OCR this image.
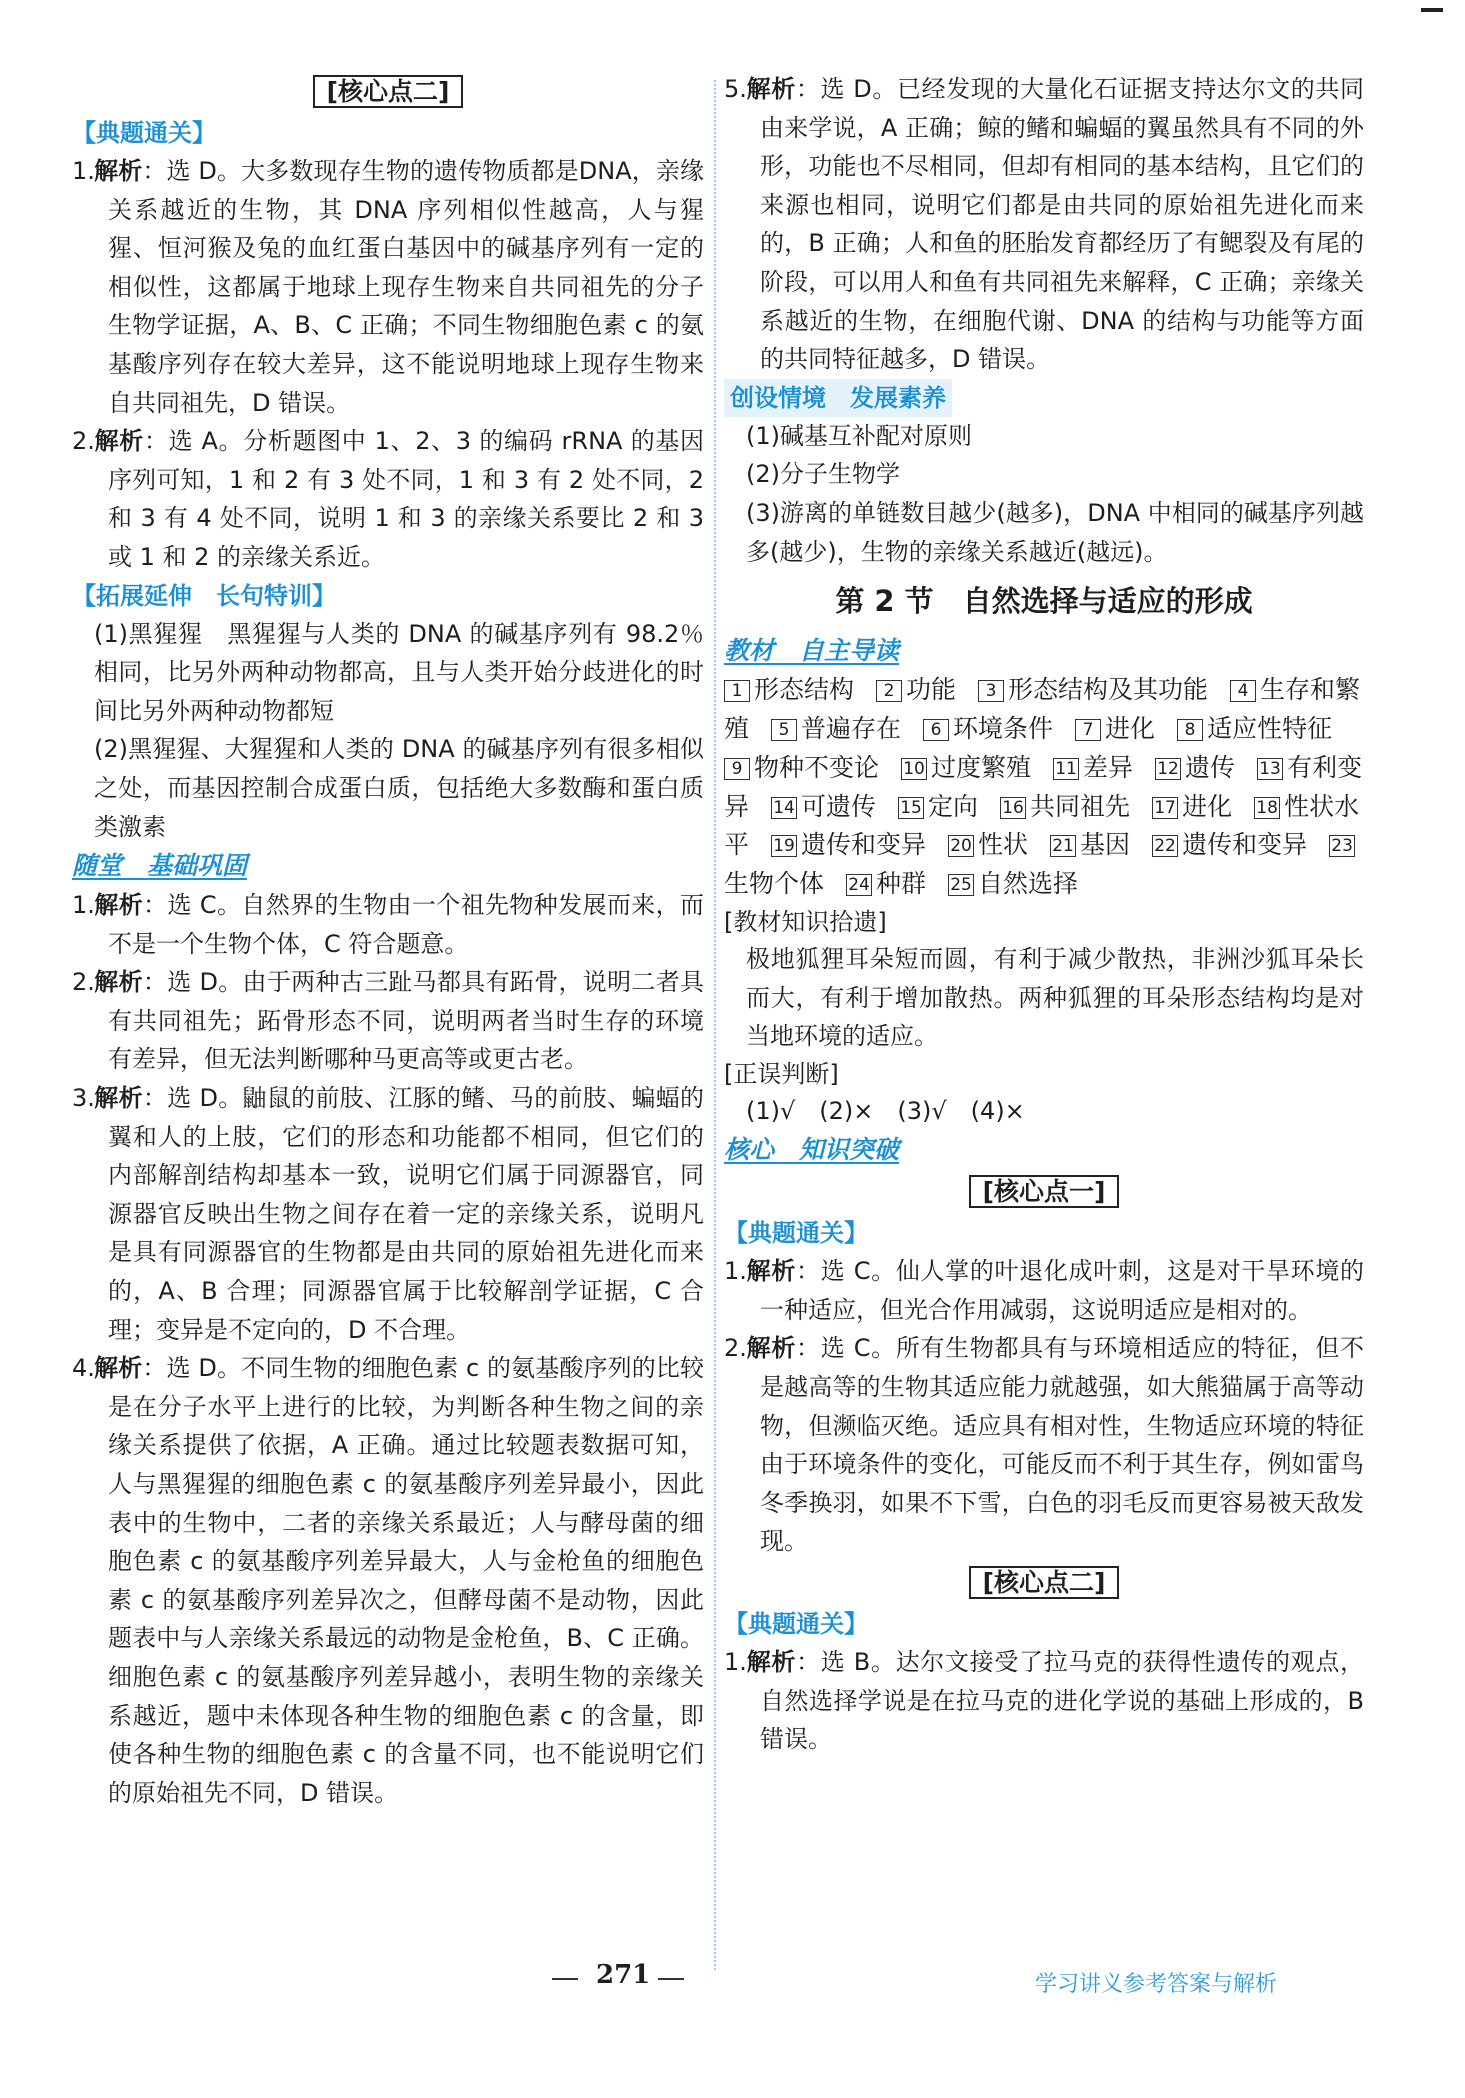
[核心点二]
【典题通关】
1.解析：选 D。大多数现存生物的遗传物质都是DNA，亲缘关系越近的生物，其 DNA 序列相似性越高，人与猩猩、恒河猴及兔的血红蛋白基因中的碱基序列有一定的相似性，这都属于地球上现存生物来自共同祖先的分子生物学证据，A、B、C 正确；不同生物细胞色素 c 的氨基酸序列存在较大差异，这不能说明地球上现存生物来自共同祖先，D 错误。
2.解析：选 A。分析题图中 1、2、3 的编码 rRNA 的基因序列可知，1 和 2 有 3 处不同，1 和 3 有 2 处不同，2 和 3 有 4 处不同，说明 1 和 3 的亲缘关系要比 2 和 3 或 1 和 2 的亲缘关系近。
【拓展延伸　长句特训】
(1)黑猩猩　黑猩猩与人类的 DNA 的碱基序列有 98.2％相同，比另外两种动物都高，且与人类开始分歧进化的时间比另外两种动物都短
(2)黑猩猩、大猩猩和人类的 DNA 的碱基序列有很多相似之处，而基因控制合成蛋白质，包括绝大多数酶和蛋白质类激素
随堂　基础巩固
1.解析：选 C。自然界的生物由一个祖先物种发展而来，而不是一个生物个体，C 符合题意。
2.解析：选 D。由于两种古三趾马都具有跖骨，说明二者具有共同祖先；跖骨形态不同，说明两者当时生存的环境有差异，但无法判断哪种马更高等或更古老。
3.解析：选 D。鼬鼠的前肢、江豚的鳍、马的前肢、蝙蝠的翼和人的上肢，它们的形态和功能都不相同，但它们的内部解剖结构却基本一致，说明它们属于同源器官，同源器官反映出生物之间存在着一定的亲缘关系，说明凡是具有同源器官的生物都是由共同的原始祖先进化而来的，A、B 合理；同源器官属于比较解剖学证据，C 合理；变异是不定向的，D 不合理。
4.解析：选 D。不同生物的细胞色素 c 的氨基酸序列的比较是在分子水平上进行的比较，为判断各种生物之间的亲缘关系提供了依据，A 正确。通过比较题表数据可知，人与黑猩猩的细胞色素 c 的氨基酸序列差异最小，因此表中的生物中，二者的亲缘关系最近；人与酵母菌的细胞色素 c 的氨基酸序列差异最大，人与金枪鱼的细胞色素 c 的氨基酸序列差异次之，但酵母菌不是动物，因此题表中与人亲缘关系最远的动物是金枪鱼，B、C 正确。细胞色素 c 的氨基酸序列差异越小，表明生物的亲缘关系越近，题中未体现各种生物的细胞色素 c 的含量，即使各种生物的细胞色素 c 的含量不同，也不能说明它们的原始祖先不同，D 错误。
5.解析：选 D。已经发现的大量化石证据支持达尔文的共同由来学说，A 正确；鲸的鳍和蝙蝠的翼虽然具有不同的外形，功能也不尽相同，但却有相同的基本结构，且它们的来源也相同，说明它们都是由共同的原始祖先进化而来的，B 正确；人和鱼的胚胎发育都经历了有鳃裂及有尾的阶段，可以用人和鱼有共同祖先来解释，C 正确；亲缘关系越近的生物，在细胞代谢、DNA 的结构与功能等方面的共同特征越多，D 错误。
创设情境　发展素养
(1)碱基互补配对原则
(2)分子生物学
(3)游离的单链数目越少(越多)，DNA 中相同的碱基序列越多(越少)，生物的亲缘关系越近(越远)。
第 2 节　自然选择与适应的形成
教材　自主导读
1 形态结构 2 功能 3 形态结构及其功能 4 生存和繁殖 5 普遍存在 6 环境条件 7 进化 8 适应性特征9 物种不变论 10 过度繁殖 11 差异 12 遗传 13 有利变异 14 可遗传 15 定向 16 共同祖先 17 进化 18 性状水平 19 遗传和变异 20 性状 21 基因 22 遗传和变异 23生物个体 24 种群 25 自然选择
[教材知识拾遗]
极地狐狸耳朵短而圆，有利于减少散热，非洲沙狐耳朵长而大，有利于增加散热。两种狐狸的耳朵形态结构均是对当地环境的适应。
[正误判断]
(1)√　(2)×　(3)√　(4)×
核心　知识突破
[核心点一]
【典题通关】
1.解析：选 C。仙人掌的叶退化成叶刺，这是对干旱环境的一种适应，但光合作用减弱，这说明适应是相对的。
2.解析：选 C。所有生物都具有与环境相适应的特征，但不是越高等的生物其适应能力就越强，如大熊猫属于高等动物，但濒临灭绝。适应具有相对性，生物适应环境的特征由于环境条件的变化，可能反而不利于其生存，例如雷鸟冬季换羽，如果不下雪，白色的羽毛反而更容易被天敌发现。
[核心点二]
【典题通关】
1.解析：选 B。达尔文接受了拉马克的获得性遗传的观点，自然选择学说是在拉马克的进化学说的基础上形成的，B 错误。
271	学习讲义参考答案与解析
